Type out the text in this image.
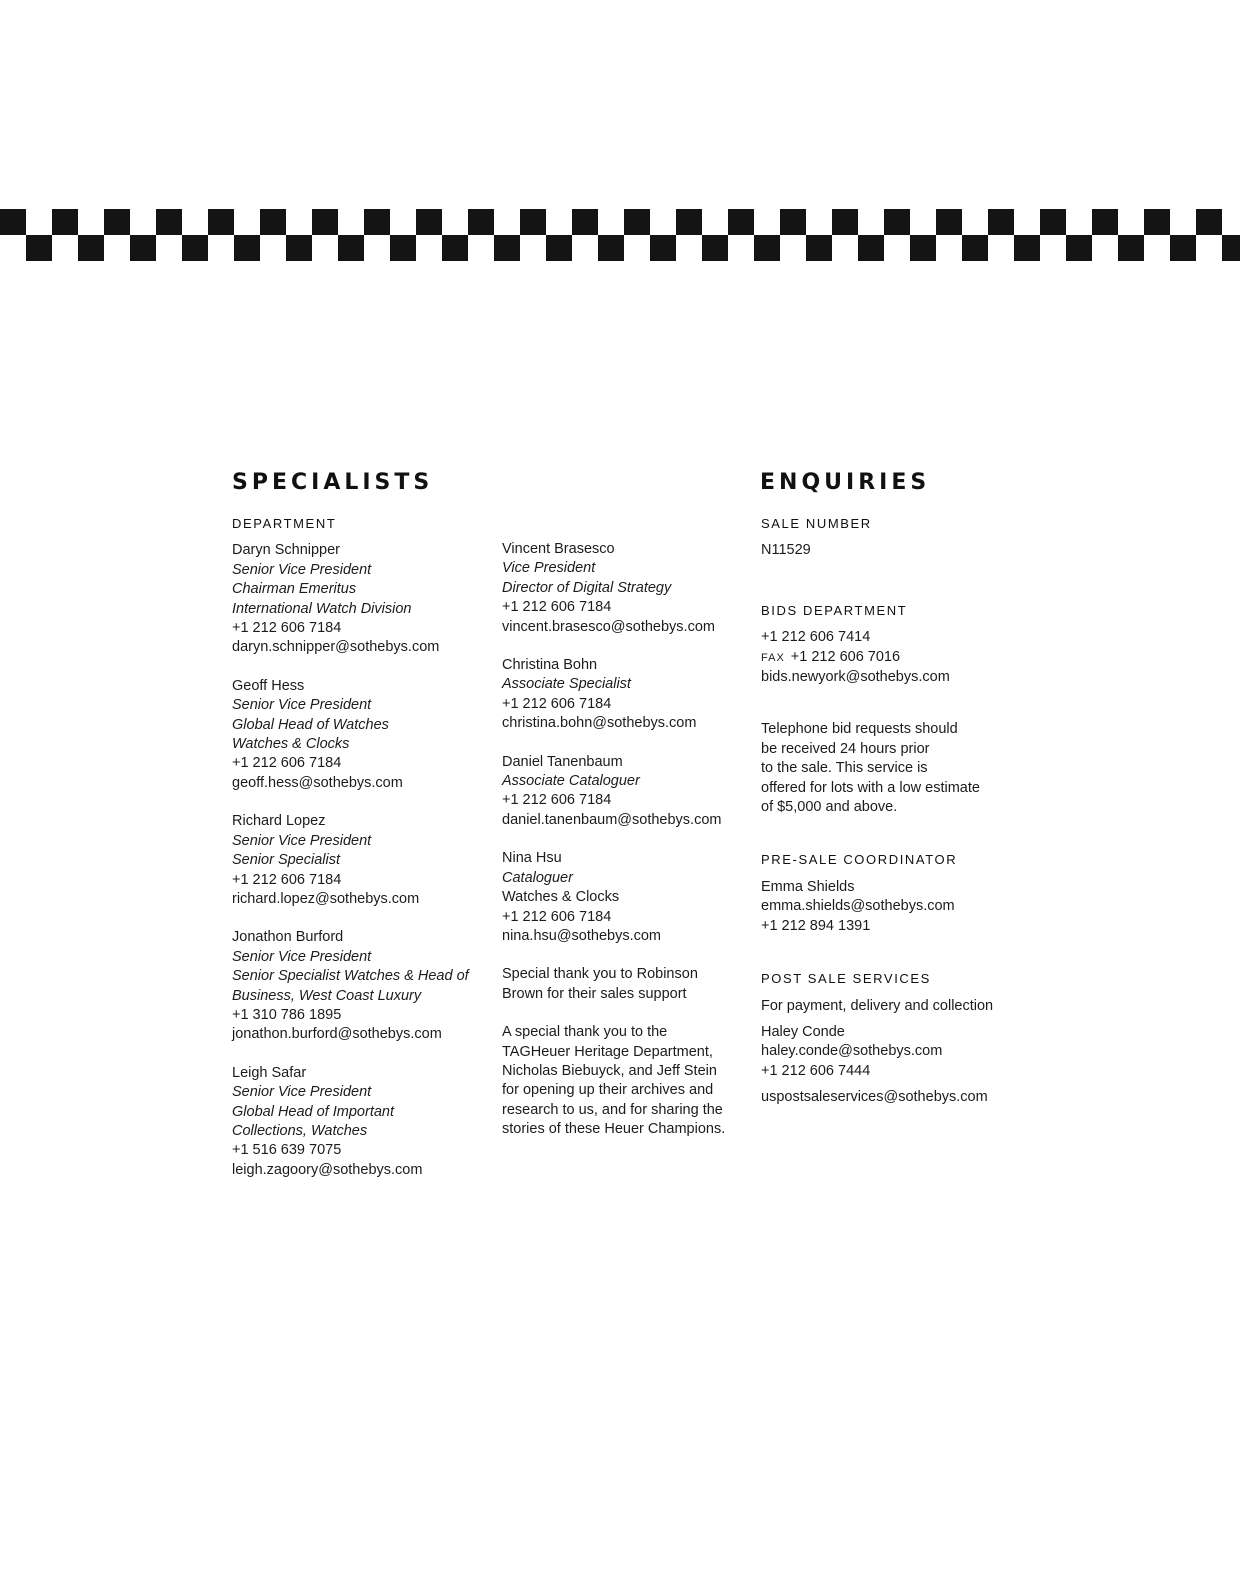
SPECIALISTS	ENQUIRIES
DEPARTMENT
Daryn Schnipper
Senior Vice President
Chairman Emeritus
International Watch Division
+1 212 606 7184
daryn.schnipper@sothebys.com
Geoff Hess
Senior Vice President
Global Head of Watches
Watches & Clocks
+1 212 606 7184
geoff.hess@sothebys.com
Richard Lopez
Senior Vice President
Senior Specialist
+1 212 606 7184
richard.lopez@sothebys.com
Jonathon Burford
Senior Vice President
Senior Specialist Watches & Head of
Business, West Coast Luxury
+1 310 786 1895
jonathon.burford@sothebys.com
Leigh Safar
Senior Vice President
Global Head of Important
Collections, Watches
+1 516 639 7075
leigh.zagoory@sothebys.com
Vincent Brasesco
Vice President
Director of Digital Strategy
+1 212 606 7184
vincent.brasesco@sothebys.com
Christina Bohn
Associate Specialist
+1 212 606 7184
christina.bohn@sothebys.com
Daniel Tanenbaum
Associate Cataloguer
+1 212 606 7184
daniel.tanenbaum@sothebys.com
Nina Hsu
Cataloguer
Watches & Clocks
+1 212 606 7184
nina.hsu@sothebys.com
Special thank you to Robinson
Brown for their sales support
A special thank you to the
TAGHeuer Heritage Department,
Nicholas Biebuyck, and Jeff Stein
for opening up their archives and
research to us, and for sharing the
stories of these Heuer Champions.
SALE NUMBER
N11529
BIDS DEPARTMENT
+1 212 606 7414
FAX +1 212 606 7016
bids.newyork@sothebys.com
Telephone bid requests should
be received 24 hours prior
to the sale. This service is
offered for lots with a low estimate
of $5,000 and above.
PRE-SALE COORDINATOR
Emma Shields
emma.shields@sothebys.com
+1 212 894 1391
POST SALE SERVICES
For payment, delivery and collection
Haley Conde
haley.conde@sothebys.com
+1 212 606 7444
uspostsaleservices@sothebys.com
